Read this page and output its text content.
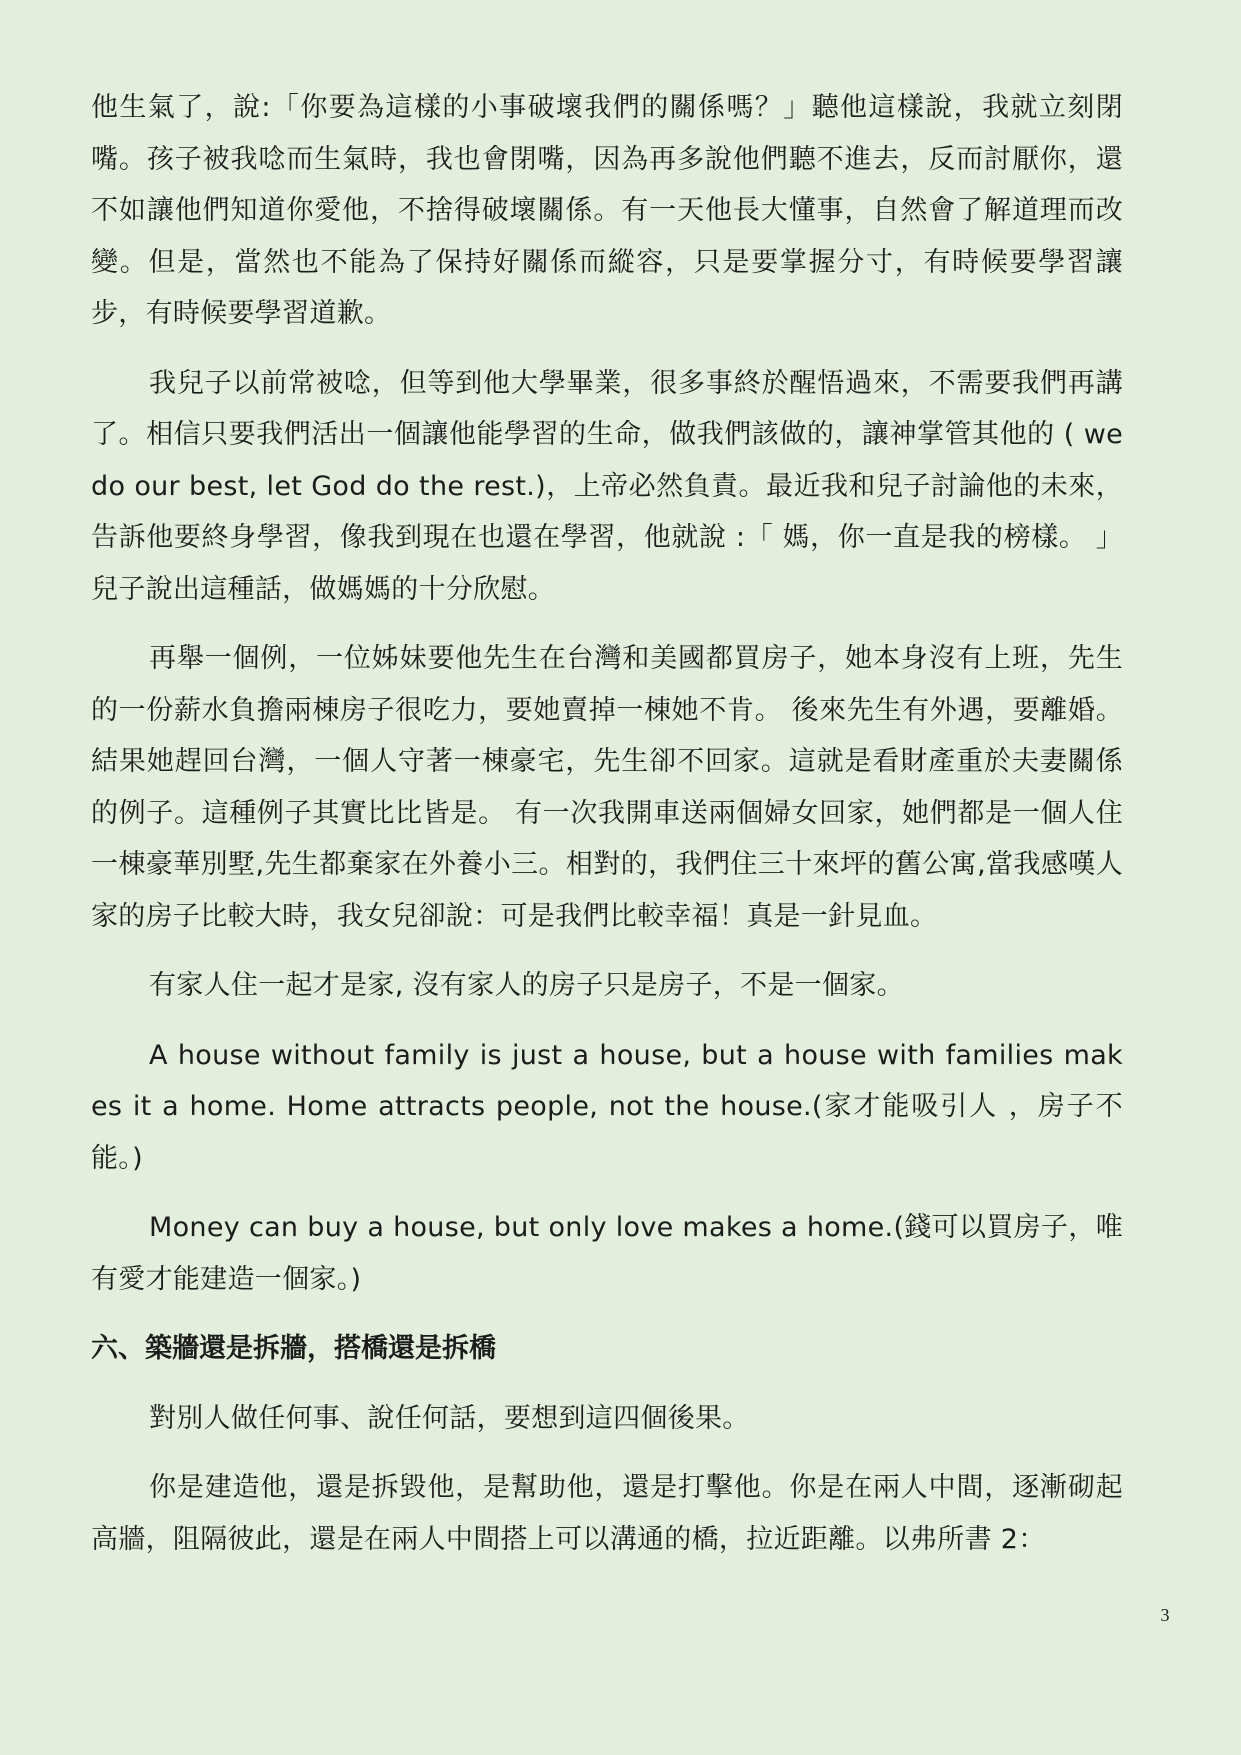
他生氣了，說:「你要為這樣的小事破壞我們的關係嗎？」聽他這樣說，我就立刻閉嘴。孩子被我唸而生氣時，我也會閉嘴，因為再多說他們聽不進去，反而討厭你，還不如讓他們知道你愛他，不捨得破壞關係。有一天他長大懂事，自然會了解道理而改變。但是，當然也不能為了保持好關係而縱容，只是要掌握分寸，有時候要學習讓步，有時候要學習道歉。

我兒子以前常被唸，但等到他大學畢業，很多事終於醒悟過來，不需要我們再講了。相信只要我們活出一個讓他能學習的生命，做我們該做的，讓神掌管其他的 ( we do our best, let God do the rest.)，上帝必然負責。最近我和兒子討論他的未來，告訴他要終身學習，像我到現在也還在學習，他就說 :「 媽，你一直是我的榜樣。 」兒子說出這種話，做媽媽的十分欣慰。

再舉一個例，一位姊妹要他先生在台灣和美國都買房子，她本身沒有上班，先生的一份薪水負擔兩棟房子很吃力，要她賣掉一棟她不肯。 後來先生有外遇，要離婚。結果她趕回台灣，一個人守著一棟豪宅，先生卻不回家。這就是看財產重於夫妻關係的例子。這種例子其實比比皆是。 有一次我開車送兩個婦女回家，她們都是一個人住一棟豪華別墅,先生都棄家在外養小三。相對的，我們住三十來坪的舊公寓,當我感嘆人家的房子比較大時，我女兒卻說：可是我們比較幸福！真是一針見血。

有家人住一起才是家, 沒有家人的房子只是房子，不是一個家。

A house without family is just a house, but a house with families makes it a home. Home attracts people, not the house.(家才能吸引人 ，房子不能。)

Money can buy a house, but only love makes a home.(錢可以買房子，唯有愛才能建造一個家。)

六、築牆還是拆牆，搭橋還是拆橋

對別人做任何事、說任何話，要想到這四個後果。

你是建造他，還是拆毀他，是幫助他，還是打擊他。你是在兩人中間，逐漸砌起高牆，阻隔彼此，還是在兩人中間搭上可以溝通的橋，拉近距離。以弗所書 2：

3
